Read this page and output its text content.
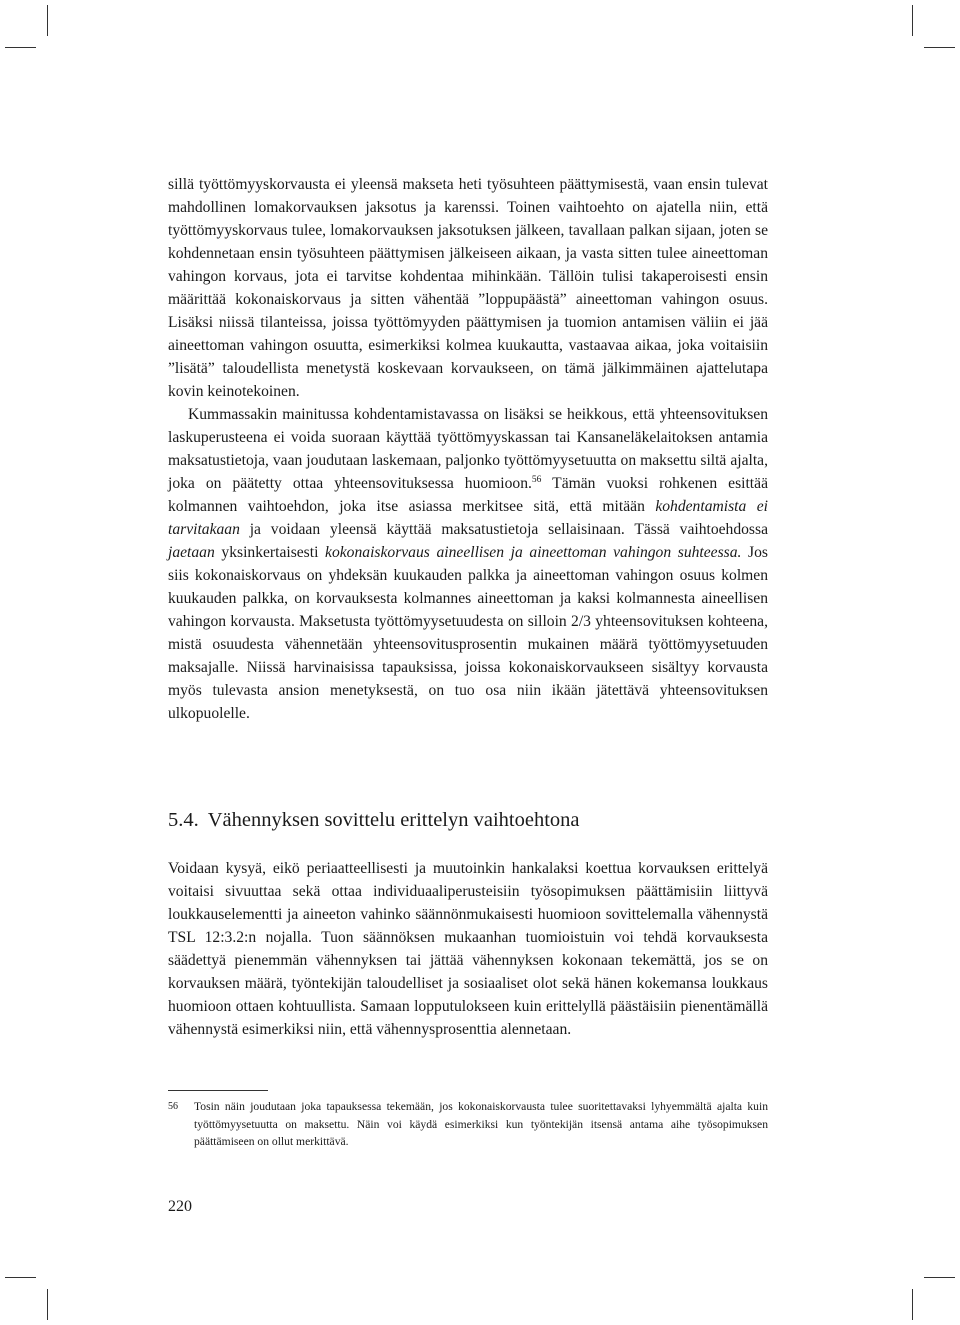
sillä työttömyyskorvausta ei yleensä makseta heti työsuhteen päättymisestä, vaan ensin tulevat mahdollinen lomakorvauksen jaksotus ja karenssi. Toinen vaihtoehto on ajatella niin, että työttömyyskorvaus tulee, lomakorvauksen jaksotuksen jälkeen, tavallaan palkan sijaan, joten se kohdennetaan ensin työsuhteen päättymisen jälkeiseen aikaan, ja vasta sitten tulee aineettoman vahingon korvaus, jota ei tarvitse kohdentaa mihinkään. Tällöin tulisi takaperoisesti ensin määrittää kokonaiskorvaus ja sitten vähentää ”loppupäästä” aineettoman vahingon osuus. Lisäksi niissä tilanteissa, joissa työttömyyden päättymisen ja tuomion antamisen väliin ei jää aineettoman vahingon osuutta, esimerkiksi kolmea kuukautta, vastaavaa aikaa, joka voitaisiin ”lisätä” taloudellista menetystä koskevaan korvaukseen, on tämä jälkimmäinen ajattelutapa kovin keinotekoinen.

Kummassakin mainitussa kohdentamistavassa on lisäksi se heikkous, että yhteensovituksen laskuperusteena ei voida suoraan käyttää työttömyyskassan tai Kansaneläkelaitoksen antamia maksatustietoja, vaan joudutaan laskemaan, paljonko työttömyysetuutta on maksettu siltä ajalta, joka on päätetty ottaa yhteensovituksessa huomioon.$^{56}$ Tämän vuoksi rohkenen esittää kolmannen vaihtoehdon, joka itse asiassa merkitsee sitä, että mitään kohdentamista ei tarvitakaan ja voidaan yleensä käyttää maksatustietoja sellaisinaan. Tässä vaihtoehdossa jaetaan yksinkertaisesti kokonaiskorvaus aineellisen ja aineettoman vahingon suhteessa. Jos siis kokonaiskorvaus on yhdeksän kuukauden palkka ja aineettoman vahingon osuus kolmen kuukauden palkka, on korvauksesta kolmannes aineettoman ja kaksi kolmannesta aineellisen vahingon korvausta. Maksetusta työttömyysetuudesta on silloin 2/3 yhteensovituksen kohteena, mistä osuudesta vähennetään yhteensovitusprosentin mukainen määrä työttömyysetuuden maksajalle. Niissä harvinaisissa tapauksissa, joissa kokonaiskorvaukseen sisältyy korvausta myös tulevasta ansion menetyksestä, on tuo osa niin ikään jätettävä yhteensovituksen ulkopuolelle.

5.4. Vähennyksen sovittelu erittelyn vaihtoehtona

Voidaan kysyä, eikö periaatteellisesti ja muutoinkin hankalaksi koettua korvauksen erittelyä voitaisi sivuuttaa sekä ottaa individuaaliperusteisiin työsopimuksen päättämisiin liittyvä loukkauselementti ja aineeton vahinko säännönmukaisesti huomioon sovittelemalla vähennystä TSL 12:3.2:n nojalla. Tuon säännöksen mukaanhan tuomioistuin voi tehdä korvauksesta säädettyä pienemmän vähennyksen tai jättää vähennyksen kokonaan tekemättä, jos se on korvauksen määrä, työntekijän taloudelliset ja sosiaaliset olot sekä hänen kokemansa loukkaus huomioon ottaen kohtuullista. Samaan lopputulokseen kuin erittelyllä päästäisiin pienentämällä vähennystä esimerkiksi niin, että vähennysprosenttia alennetaan.

56 Tosin näin joudutaan joka tapauksessa tekemään, jos kokonaiskorvausta tulee suoritettavaksi lyhyemmältä ajalta kuin työttömyysetuutta on maksettu. Näin voi käydä esimerkiksi kun työntekijän itsensä antama aihe työsopimuksen päättämiseen on ollut merkittävä.

220
